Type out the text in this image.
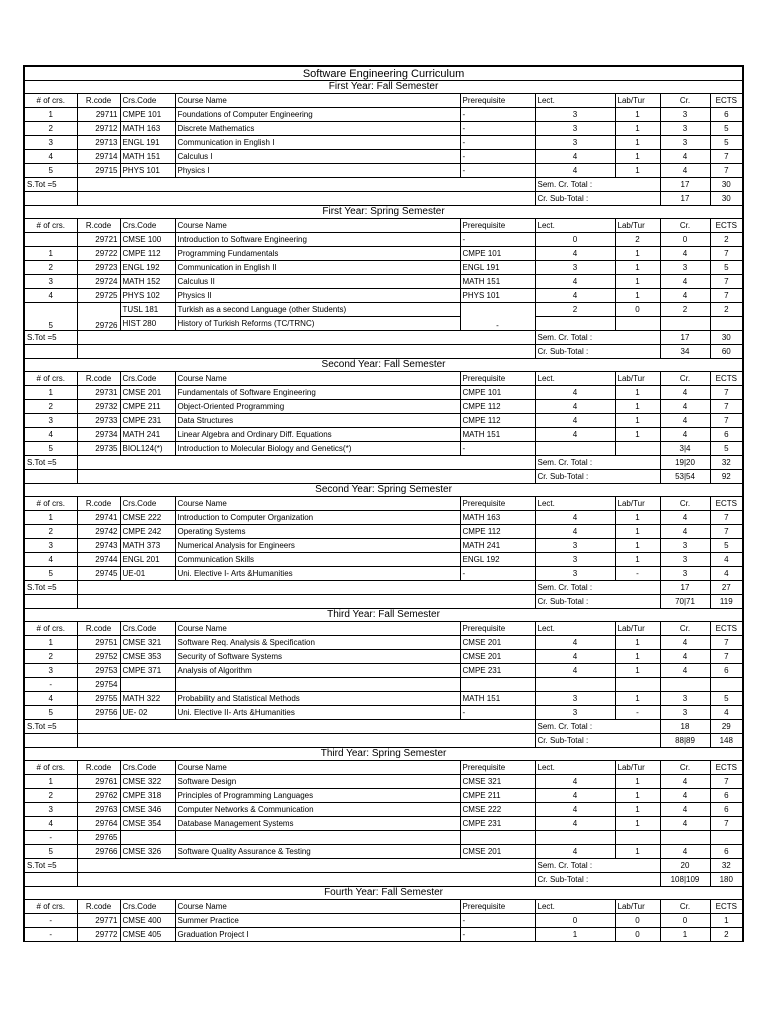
Software Engineering Curriculum								
First Year: Fall Semester								
# of crs.	R.code	Crs.Code	Course Name	Prerequisite	Lect.	Lab/Tur	Cr.	ECTS
1	29711	CMPE 101	Foundations of Computer Engineering	-	3	1	3	6
2	29712	MATH 163	Discrete Mathematics	-	3	1	3	5
3	29713	ENGL 191	Communication in English I	-	3	1	3	5
4	29714	MATH 151	Calculus I	-	4	1	4	7
5	29715	PHYS 101	Physics I	-	4	1	4	7
S.Tot =5					Sem. Cr. Total :		17	30
					Cr. Sub-Total :		17	30
First Year: Spring Semester								
# of crs.	R.code	Crs.Code	Course Name	Prerequisite	Lect.	Lab/Tur	Cr.	ECTS
	29721	CMSE 100	Introduction to Software Engineering	-	0	2	0	2
1	29722	CMPE 112	Programming Fundamentals	CMPE 101	4	1	4	7
2	29723	ENGL 192	Communication in English II	ENGL 191	3	1	3	5
3	29724	MATH 152	Calculus II	MATH 151	4	1	4	7
4	29725	PHYS 102	Physics II	PHYS 101	4	1	4	7
5	29726	TUSL 181	Turkish as a second Language (other Students)	-	2	0	2	2
		HIST 280	History of Turkish Reforms (TC/TRNC)					
S.Tot =5					Sem. Cr. Total :		17	30
					Cr. Sub-Total :		34	60
Second Year: Fall Semester								
# of crs.	R.code	Crs.Code	Course Name	Prerequisite	Lect.	Lab/Tur	Cr.	ECTS
1	29731	CMSE 201	Fundamentals of Software Engineering	CMPE 101	4	1	4	7
2	29732	CMPE 211	Object-Oriented Programming	CMPE 112	4	1	4	7
3	29733	CMPE 231	Data Structures	CMPE 112	4	1	4	7
4	29734	MATH 241	Linear Algebra and Ordinary Diff. Equations	MATH 151	4	1	4	6
5	29735	BIOL124(*)	Introduction to Molecular Biology and Genetics(*)	-			3|4	5
S.Tot =5					Sem. Cr. Total :		19|20	32
					Cr. Sub-Total :		53|54	92
Second Year: Spring Semester								
# of crs.	R.code	Crs.Code	Course Name	Prerequisite	Lect.	Lab/Tur	Cr.	ECTS
1	29741	CMSE 222	Introduction to Computer Organization	MATH 163	4	1	4	7
2	29742	CMPE 242	Operating Systems	CMPE 112	4	1	4	7
3	29743	MATH 373	Numerical Analysis for Engineers	MATH 241	3	1	3	5
4	29744	ENGL 201	Communication Skills	ENGL 192	3	1	3	4
5	29745	UE-01	Uni. Elective I- Arts &Humanities	-	3	-	3	4
S.Tot =5					Sem. Cr. Total :		17	27
					Cr. Sub-Total :		70|71	119
Third Year: Fall Semester								
# of crs.	R.code	Crs.Code	Course Name	Prerequisite	Lect.	Lab/Tur	Cr.	ECTS
1	29751	CMSE 321	Software Req. Analysis & Specification	CMSE 201	4	1	4	7
2	29752	CMSE 353	Security of Software Systems	CMSE 201	4	1	4	7
3	29753	CMPE 371	Analysis of Algorithm	CMPE 231	4	1	4	6
-	29754							
4	29755	MATH 322	Probability and Statistical Methods	MATH 151	3	1	3	5
5	29756	UE- 02	Uni. Elective II- Arts &Humanities	-	3	-	3	4
S.Tot =5					Sem. Cr. Total :		18	29
					Cr. Sub-Total :		88|89	148
Third Year: Spring Semester								
# of crs.	R.code	Crs.Code	Course Name	Prerequisite	Lect.	Lab/Tur	Cr.	ECTS
1	29761	CMSE 322	Software Design	CMSE 321	4	1	4	7
2	29762	CMPE 318	Principles of Programming Languages	CMPE 211	4	1	4	6
3	29763	CMSE 346	Computer Networks & Communication	CMSE 222	4	1	4	6
4	29764	CMSE 354	Database Management Systems	CMPE 231	4	1	4	7
-	29765							
5	29766	CMSE 326	Software Quality Assurance & Testing	CMSE 201	4	1	4	6
S.Tot =5					Sem. Cr. Total :		20	32
					Cr. Sub-Total :		108|109	180
Fourth Year: Fall Semester								
# of crs.	R.code	Crs.Code	Course Name	Prerequisite	Lect.	Lab/Tur	Cr.	ECTS
-	29771	CMSE 400	Summer Practice	-	0	0	0	1
-	29772	CMSE 405	Graduation Project I	-	1	0	1	2
